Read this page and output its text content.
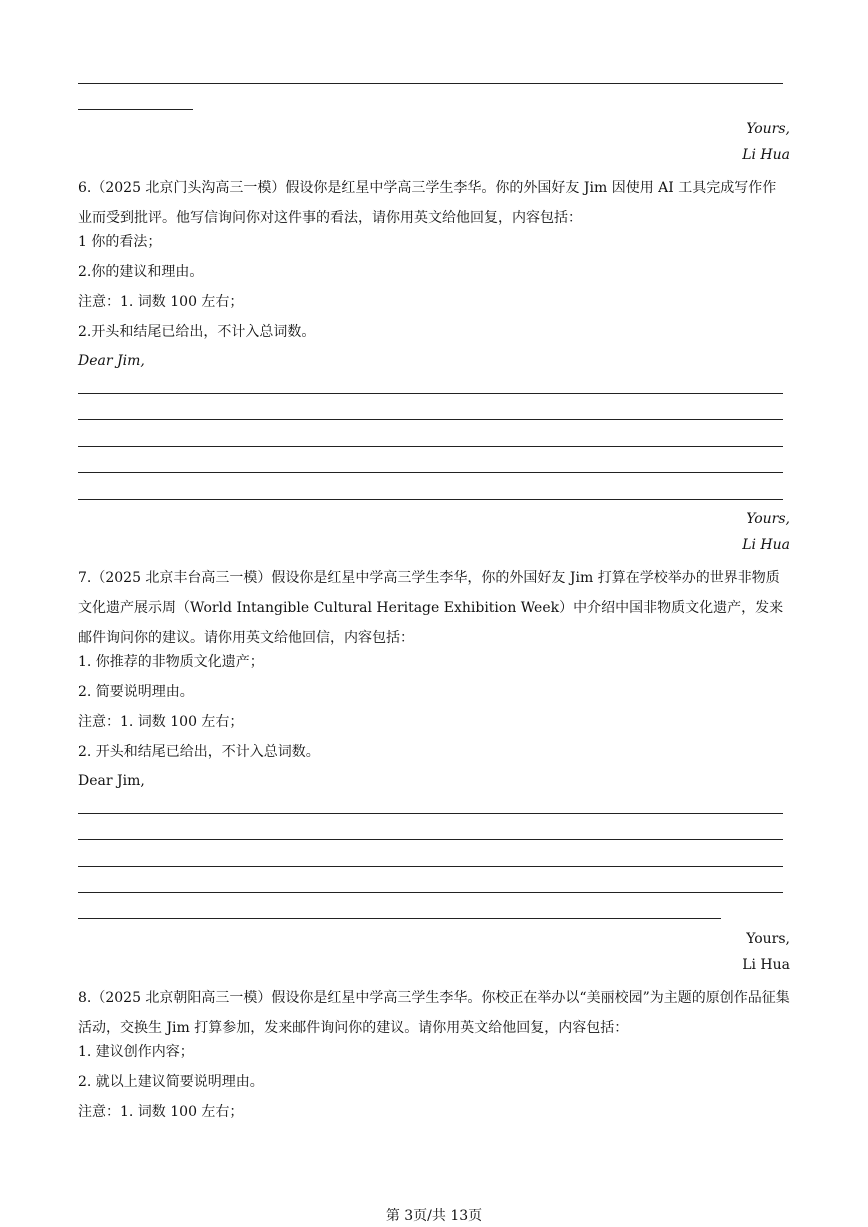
Yours,
Li Hua
6.（2025 北京门头沟高三一模）假设你是红星中学高三学生李华。你的外国好友 Jim 因使用 AI 工具完成写作作业而受到批评。他写信询问你对这件事的看法，请你用英文给他回复，内容包括：
1 你的看法；
2.你的建议和理由。
注意：1. 词数 100 左右；
2.开头和结尾已给出，不计入总词数。
Dear Jim,
Yours,
Li Hua
7.（2025 北京丰台高三一模）假设你是红星中学高三学生李华，你的外国好友 Jim 打算在学校举办的世界非物质文化遗产展示周（World Intangible Cultural Heritage Exhibition Week）中介绍中国非物质文化遗产，发来邮件询问你的建议。请你用英文给他回信，内容包括：
1. 你推荐的非物质文化遗产；
2. 简要说明理由。
注意：1. 词数 100 左右；
2. 开头和结尾已给出，不计入总词数。
Dear Jim,
Yours,
Li Hua
8.（2025 北京朝阳高三一模）假设你是红星中学高三学生李华。你校正在举办以“美丽校园”为主题的原创作品征集活动，交换生 Jim 打算参加，发来邮件询问你的建议。请你用英文给他回复，内容包括：
1. 建议创作内容；
2. 就以上建议简要说明理由。
注意：1. 词数 100 左右；
第 3页/共 13页
